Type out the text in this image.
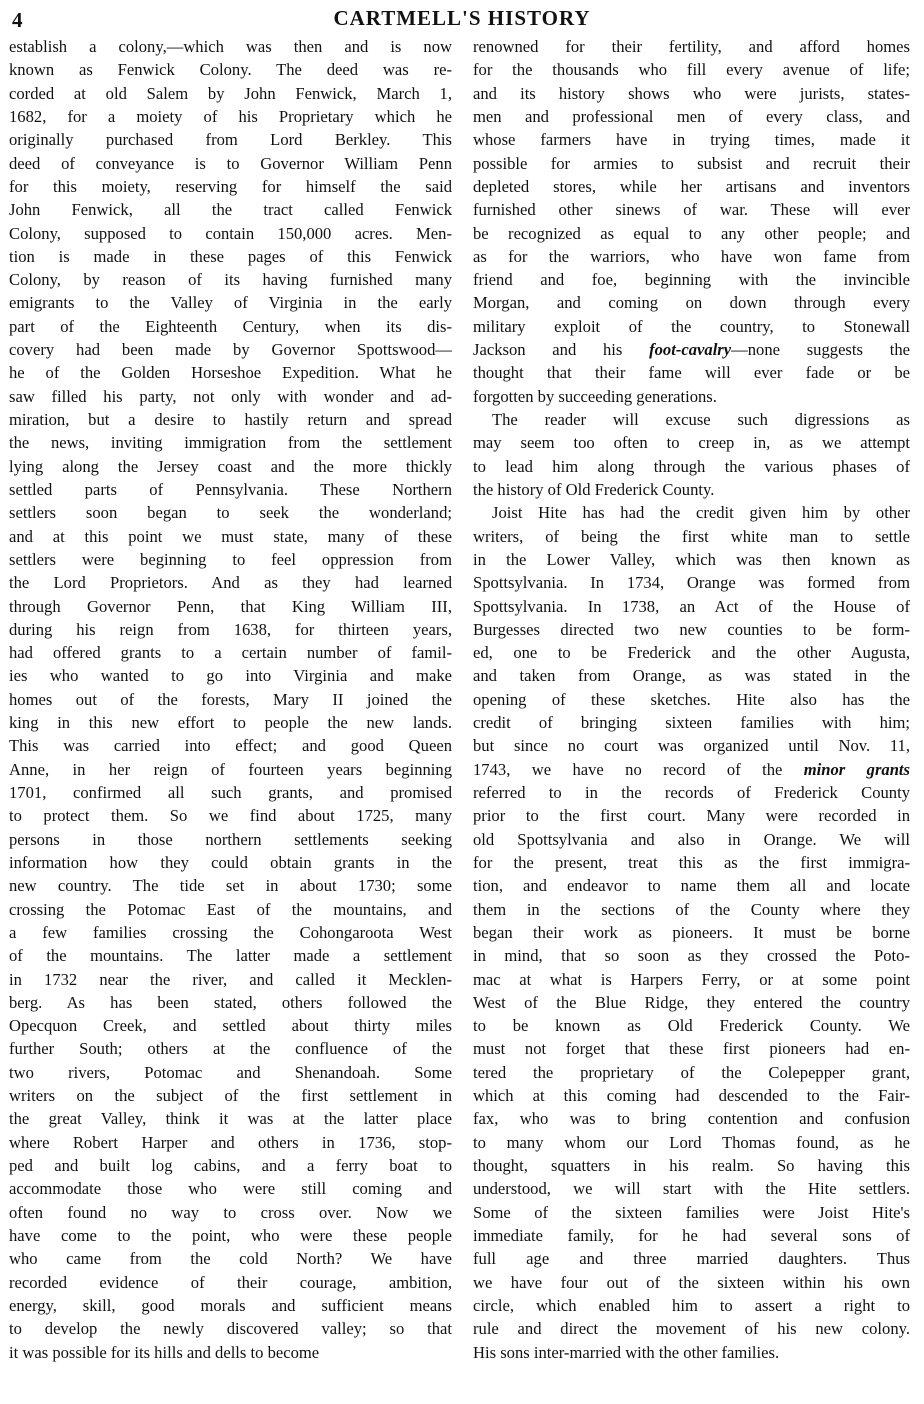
4	CARTMELL'S HISTORY
establish a colony,—which was then and is now
known as Fenwick Colony. The deed was re-
corded at old Salem by John Fenwick, March 1,
1682, for a moiety of his Proprietary which he
originally purchased from Lord Berkley. This
deed of conveyance is to Governor William Penn
for this moiety, reserving for himself the said
John Fenwick, all the tract called Fenwick
Colony, supposed to contain 150,000 acres. Men-
tion is made in these pages of this Fenwick
Colony, by reason of its having furnished many
emigrants to the Valley of Virginia in the early
part of the Eighteenth Century, when its dis-
covery had been made by Governor Spottswood—
he of the Golden Horseshoe Expedition. What he
saw filled his party, not only with wonder and ad-
miration, but a desire to hastily return and spread
the news, inviting immigration from the settlement
lying along the Jersey coast and the more thickly
settled parts of Pennsylvania. These Northern
settlers soon began to seek the wonderland;
and at this point we must state, many of these
settlers were beginning to feel oppression from
the Lord Proprietors. And as they had learned
through Governor Penn, that King William III,
during his reign from 1638, for thirteen years,
had offered grants to a certain number of famil-
ies who wanted to go into Virginia and make
homes out of the forests, Mary II joined the
king in this new effort to people the new lands.
This was carried into effect; and good Queen
Anne, in her reign of fourteen years beginning
1701, confirmed all such grants, and promised
to protect them. So we find about 1725, many
persons in those northern settlements seeking
information how they could obtain grants in the
new country. The tide set in about 1730; some
crossing the Potomac East of the mountains, and
a few families crossing the Cohongaroota West
of the mountains. The latter made a settlement
in 1732 near the river, and called it Mecklen-
berg. As has been stated, others followed the
Opecquon Creek, and settled about thirty miles
further South; others at the confluence of the
two rivers, Potomac and Shenandoah. Some
writers on the subject of the first settlement in
the great Valley, think it was at the latter place
where Robert Harper and others in 1736, stop-
ped and built log cabins, and a ferry boat to
accommodate those who were still coming and
often found no way to cross over. Now we
have come to the point, who were these people
who came from the cold North? We have
recorded evidence of their courage, ambition,
energy, skill, good morals and sufficient means
to develop the newly discovered valley; so that
it was possible for its hills and dells to become
renowned for their fertility, and afford homes
for the thousands who fill every avenue of life;
and its history shows who were jurists, states-
men and professional men of every class, and
whose farmers have in trying times, made it
possible for armies to subsist and recruit their
depleted stores, while her artisans and inventors
furnished other sinews of war. These will ever
be recognized as equal to any other people; and
as for the warriors, who have won fame from
friend and foe, beginning with the invincible
Morgan, and coming on down through every
military exploit of the country, to Stonewall
Jackson and his foot-cavalry—none suggests the
thought that their fame will ever fade or be
forgotten by succeeding generations.
The reader will excuse such digressions as
may seem too often to creep in, as we attempt
to lead him along through the various phases of
the history of Old Frederick County.
Joist Hite has had the credit given him by other
writers, of being the first white man to settle
in the Lower Valley, which was then known as
Spottsylvania. In 1734, Orange was formed from
Spottsylvania. In 1738, an Act of the House of
Burgesses directed two new counties to be form-
ed, one to be Frederick and the other Augusta,
and taken from Orange, as was stated in the
opening of these sketches. Hite also has the
credit of bringing sixteen families with him;
but since no court was organized until Nov. 11,
1743, we have no record of the minor grants
referred to in the records of Frederick County
prior to the first court. Many were recorded in
old Spottsylvania and also in Orange. We will
for the present, treat this as the first immigra-
tion, and endeavor to name them all and locate
them in the sections of the County where they
began their work as pioneers. It must be borne
in mind, that so soon as they crossed the Poto-
mac at what is Harpers Ferry, or at some point
West of the Blue Ridge, they entered the country
to be known as Old Frederick County. We
must not forget that these first pioneers had en-
tered the proprietary of the Colepepper grant,
which at this coming had descended to the Fair-
fax, who was to bring contention and confusion
to many whom our Lord Thomas found, as he
thought, squatters in his realm. So having this
understood, we will start with the Hite settlers.
Some of the sixteen families were Joist Hite's
immediate family, for he had several sons of
full age and three married daughters. Thus
we have four out of the sixteen within his own
circle, which enabled him to assert a right to
rule and direct the movement of his new colony.
His sons inter-married with the other families.
